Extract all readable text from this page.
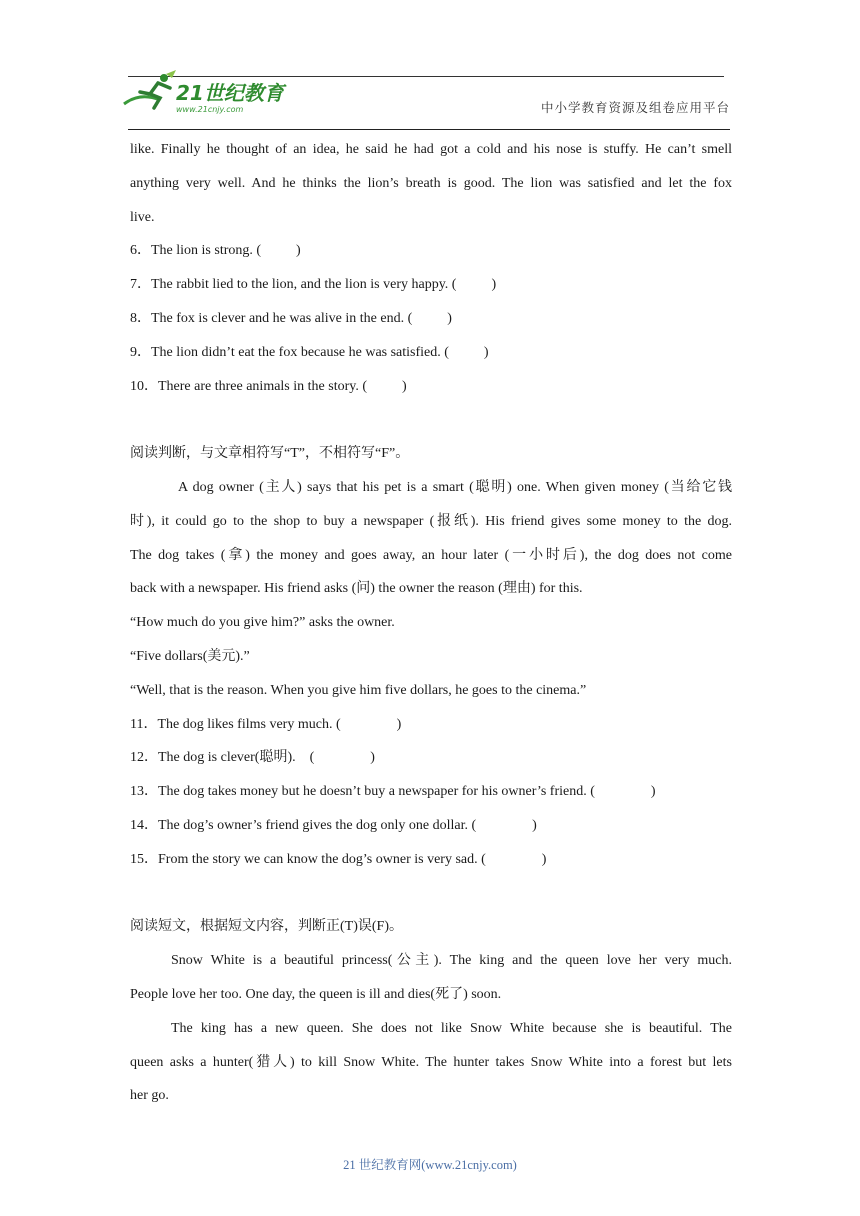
21世纪教育
www.21cnjy.com	中小学教育资源及组卷应用平台
like. Finally he thought of an idea, he said he had got a cold and his nose is stuffy. He can’t smell
anything very well. And he thinks the lion’s breath is good. The lion was satisfied and let the fox
live.
6．The lion is strong. (          )
7．The rabbit lied to the lion, and the lion is very happy. (          )
8．The fox is clever and he was alive in the end. (          )
9．The lion didn’t eat the fox because he was satisfied. (          )
10．There are three animals in the story. (          )
阅读判断，与文章相符写“T”，不相符写“F”。
A dog owner (主人) says that his pet is a smart (聪明) one. When given money (当给它钱
时), it could go to the shop to buy a newspaper (报纸). His friend gives some money to the dog.
The dog takes (拿) the money and goes away, an hour later (一小时后), the dog does not come
back with a newspaper. His friend asks (问) the owner the reason (理由) for this.
“How much do you give him?” asks the owner.
“Five dollars(美元).”
“Well, that is the reason. When you give him five dollars, he goes to the cinema.”
11．The dog likes films very much. (                )
12．The dog is clever(聪明).    (                )
13．The dog takes money but he doesn’t buy a newspaper for his owner’s friend. (                )
14．The dog’s owner’s friend gives the dog only one dollar. (                )
15．From the story we can know the dog’s owner is very sad. (                )
阅读短文，根据短文内容，判断正(T)误(F)。
Snow White is a beautiful princess(公主). The king and the queen love her very much.
People love her too. One day, the queen is ill and dies(死了) soon.
The king has a new queen. She does not like Snow White because she is beautiful. The
queen asks a hunter(猎人) to kill Snow White. The hunter takes Snow White into a forest but lets
her go.
21 世纪教育网(www.21cnjy.com)
